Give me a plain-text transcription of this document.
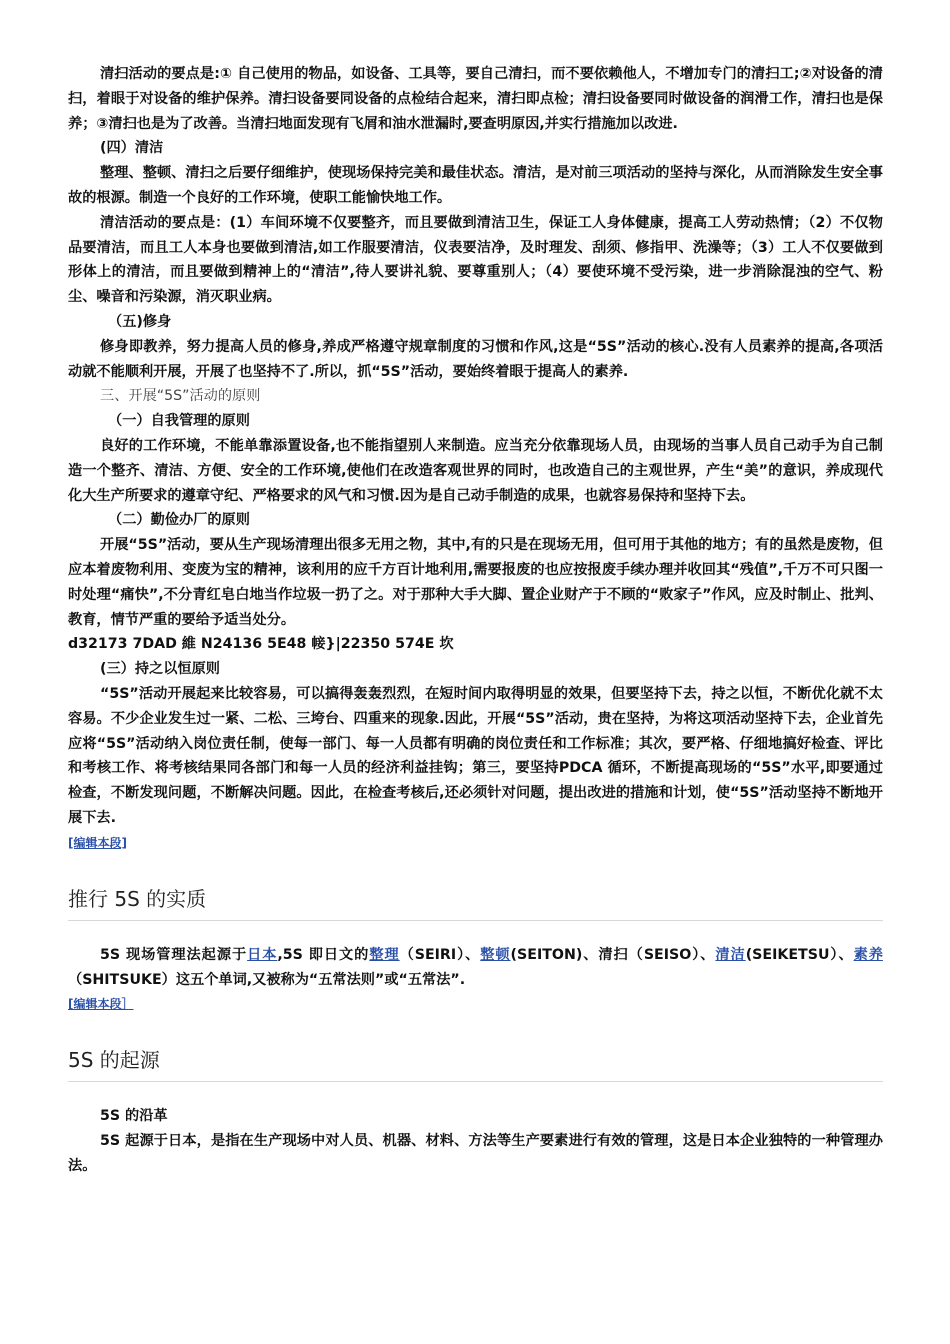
清扫活动的要点是:① 自己使用的物品，如设备、工具等，要自己清扫，而不要依赖他人，不增加专门的清扫工;②对设备的清扫，着眼于对设备的维护保养。清扫设备要同设备的点检结合起来，清扫即点检；清扫设备要同时做设备的润滑工作，清扫也是保养；③清扫也是为了改善。当清扫地面发现有飞屑和油水泄漏时,要查明原因,并实行措施加以改进.

(四）清洁

整理、整顿、清扫之后要仔细维护，使现场保持完美和最佳状态。清洁，是对前三项活动的坚持与深化，从而消除发生安全事故的根源。制造一个良好的工作环境，使职工能愉快地工作。

清洁活动的要点是：(1）车间环境不仅要整齐，而且要做到清洁卫生，保证工人身体健康，提高工人劳动热情；（2）不仅物品要清洁，而且工人本身也要做到清洁,如工作服要清洁，仪表要洁净，及时理发、刮须、修指甲、洗澡等；（3）工人不仅要做到形体上的清洁，而且要做到精神上的“清洁”,待人要讲礼貌、要尊重别人；（4）要使环境不受污染，进一步消除混浊的空气、粉尘、噪音和污染源，消灭职业病。

（五)修身

修身即教养，努力提高人员的修身,养成严格遵守规章制度的习惯和作风,这是“5S”活动的核心.没有人员素养的提高,各项活动就不能顺利开展，开展了也坚持不了.所以，抓“5S”活动，要始终着眼于提高人的素养.

三、开展“5S”活动的原则

（一）自我管理的原则

良好的工作环境，不能单靠添置设备,也不能指望别人来制造。应当充分依靠现场人员，由现场的当事人员自己动手为自己制造一个整齐、清洁、方便、安全的工作环境,使他们在改造客观世界的同时，也改造自己的主观世界，产生“美”的意识，养成现代化大生产所要求的遵章守纪、严格要求的风气和习惯.因为是自己动手制造的成果，也就容易保持和坚持下去。

（二）勤俭办厂的原则

开展“5S”活动，要从生产现场清理出很多无用之物，其中,有的只是在现场无用，但可用于其他的地方；有的虽然是废物，但应本着废物利用、变废为宝的精神，该利用的应千方百计地利用,需要报废的也应按报废手续办理并收回其“残值”,千万不可只图一时处理“痛快”,不分青红皂白地当作垃圾一扔了之。对于那种大手大脚、置企业财产于不顾的“败家子”作风，应及时制止、批判、教育，情节严重的要给予适当处分。

d32173 7DAD 維 N24136 5E48 帹}|22350 574E 坎

(三）持之以恒原则

“5S”活动开展起来比较容易，可以搞得轰轰烈烈，在短时间内取得明显的效果，但要坚持下去，持之以恒，不断优化就不太容易。不少企业发生过一紧、二松、三垮台、四重来的现象.因此，开展“5S”活动，贵在坚持，为将这项活动坚持下去，企业首先应将“5S”活动纳入岗位责任制，使每一部门、每一人员都有明确的岗位责任和工作标准；其次，要严格、仔细地搞好检查、评比和考核工作、将考核结果同各部门和每一人员的经济利益挂钩；第三，要坚持PDCA 循环，不断提高现场的“5S”水平,即要通过检查，不断发现问题，不断解决问题。因此，在检查考核后,还必须针对问题，提出改进的措施和计划，使“5S”活动坚持不断地开展下去.

[编辑本段]

推行 5S 的实质

5S 现场管理法起源于日本,5S 即日文的整理（SEIRI）、整顿(SEITON)、清扫（SEISO）、清洁(SEIKETSU）、素养（SHITSUKE）这五个单词,又被称为“五常法则”或“五常法”.

[编辑本段］

5S 的起源

5S 的沿革

5S 起源于日本，是指在生产现场中对人员、机器、材料、方法等生产要素进行有效的管理，这是日本企业独特的一种管理办法。
